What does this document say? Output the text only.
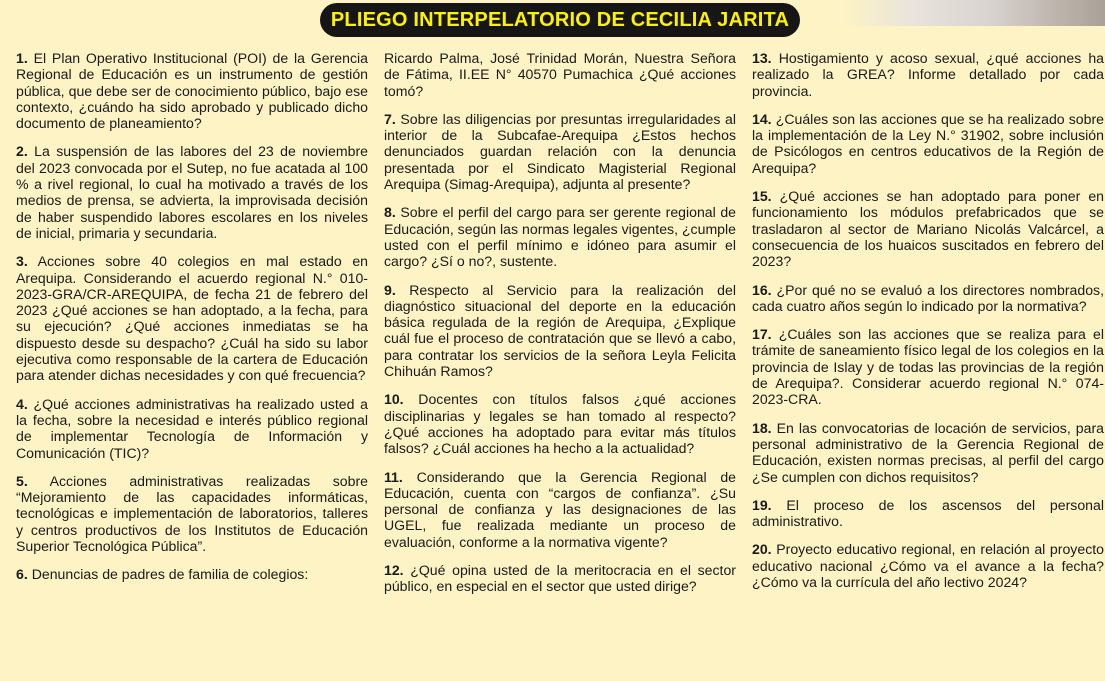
PLIEGO INTERPELATORIO DE CECILIA JARITA

1. El Plan Operativo Institucional (POI) de la Gerencia Regional de Educación es un instrumento de gestión pública, que debe ser de conocimiento público, bajo ese contexto, ¿cuándo ha sido aprobado y publicado dicho documento de planeamiento?

2. La suspensión de las labores del 23 de noviembre del 2023 convocada por el Sutep, no fue acatada al 100 % a rivel regional, lo cual ha motivado a través de los medios de prensa, se advierta, la improvisada decisión de haber suspendido labores escolares en los niveles de inicial, primaria y secundaria.

3. Acciones sobre 40 colegios en mal estado en Arequipa. Considerando el acuerdo regional N.° 010-2023-GRA/CR-AREQUIPA, de fecha 21 de febrero del 2023 ¿Qué acciones se han adoptado, a la fecha, para su ejecución? ¿Qué acciones inmediatas se ha dispuesto desde su despacho? ¿Cuál ha sido su labor ejecutiva como responsable de la cartera de Educación para atender dichas necesidades y con qué frecuencia?

4. ¿Qué acciones administrativas ha realizado usted a la fecha, sobre la necesidad e interés público regional de implementar Tecnología de Información y Comunicación (TIC)?

5. Acciones administrativas realizadas sobre “Mejoramiento de las capacidades informáticas, tecnológicas e implementación de laboratorios, talleres y centros productivos de los Institutos de Educación Superior Tecnológica Pública”.

6. Denuncias de padres de familia de colegios:

Ricardo Palma, José Trinidad Morán, Nuestra Señora de Fátima, II.EE N° 40570 Pumachica ¿Qué acciones tomó?

7. Sobre las diligencias por presuntas irregularidades al interior de la Subcafae-Arequipa ¿Estos hechos denunciados guardan relación con la denuncia presentada por el Sindicato Magisterial Regional Arequipa (Simag-Arequipa), adjunta al presente?

8. Sobre el perfil del cargo para ser gerente regional de Educación, según las normas legales vigentes, ¿cumple usted con el perfil mínimo e idóneo para asumir el cargo? ¿Sí o no?, sustente.

9. Respecto al Servicio para la realización del diagnóstico situacional del deporte en la educación básica regulada de la región de Arequipa, ¿Explique cuál fue el proceso de contratación que se llevó a cabo, para contratar los servicios de la señora Leyla Felicita Chihuán Ramos?

10. Docentes con títulos falsos ¿qué acciones disciplinarias y legales se han tomado al respecto? ¿Qué acciones ha adoptado para evitar más títulos falsos? ¿Cuál acciones ha hecho a la actualidad?

11. Considerando que la Gerencia Regional de Educación, cuenta con “cargos de confianza”. ¿Su personal de confianza y las designaciones de las UGEL, fue realizada mediante un proceso de evaluación, conforme a la normativa vigente?

12. ¿Qué opina usted de la meritocracia en el sector público, en especial en el sector que usted dirige?

13. Hostigamiento y acoso sexual, ¿qué acciones ha realizado la GREA? Informe detallado por cada provincia.

14. ¿Cuáles son las acciones que se ha realizado sobre la implementación de la Ley N.° 31902, sobre inclusión de Psicólogos en centros educativos de la Región de Arequipa?

15. ¿Qué acciones se han adoptado para poner en funcionamiento los módulos prefabricados que se trasladaron al sector de Mariano Nicolás Valcárcel, a consecuencia de los huaicos suscitados en febrero del 2023?

16. ¿Por qué no se evaluó a los directores nombrados, cada cuatro años según lo indicado por la normativa?

17. ¿Cuáles son las acciones que se realiza para el trámite de saneamiento físico legal de los colegios en la provincia de Islay y de todas las provincias de la región de Arequipa?. Considerar acuerdo regional N.° 074-2023-CRA.

18. En las convocatorias de locación de servicios, para personal administrativo de la Gerencia Regional de Educación, existen normas precisas, al perfil del cargo ¿Se cumplen con dichos requisitos?

19. El proceso de los ascensos del personal administrativo.

20. Proyecto educativo regional, en relación al proyecto educativo nacional ¿Cómo va el avance a la fecha? ¿Cómo va la currícula del año lectivo 2024?
